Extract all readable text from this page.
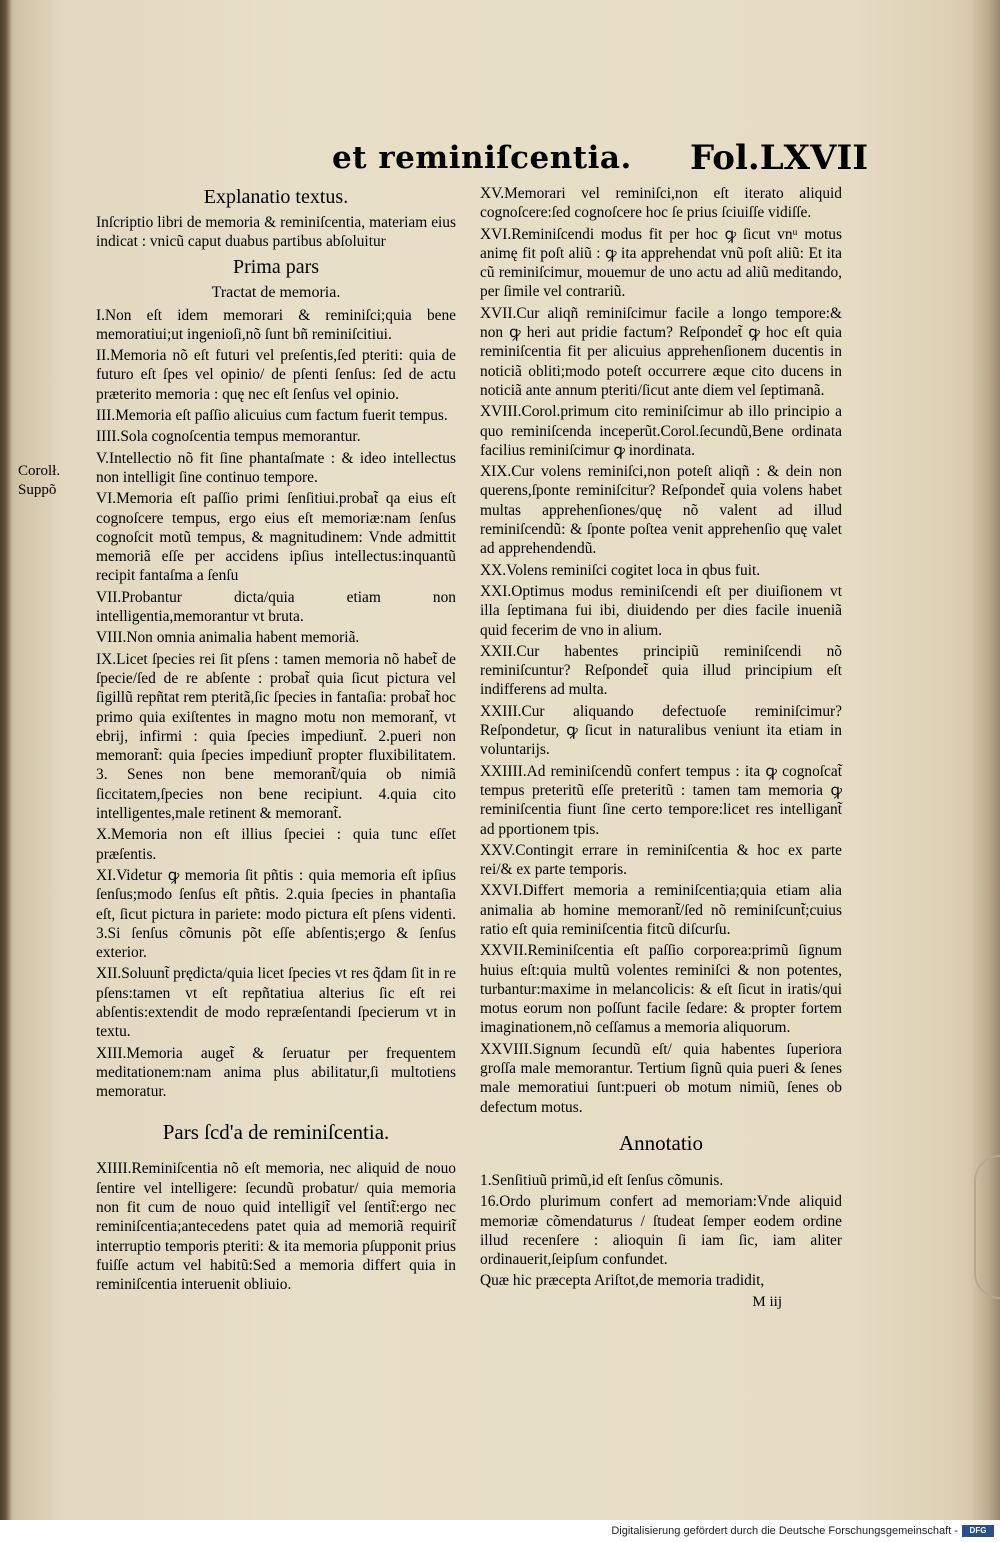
et reminiſcentia. Fol.LXVII
Corolł.
Suppõ
Explanatio textus.

Inſcriptio libri de memoria & reminiſcentia, materiam eius indicat : vnicũ caput duabus partibus abſoluitur

Prima pars
Tractat de memoria.

I.Non eſt idem memorari & reminiſci;quia bene memoratiui;ut ingenioſi,nõ ſunt bñ reminiſcitiui.

II.Memoria nõ eſt futuri vel preſentis,ſed pteriti: quia de futuro eſt ſpes vel opinio/ de pſenti ſenſus: ſed de actu præterito memoria : quę nec eſt ſenſus vel opinio.

III.Memoria eſt paſſio alicuius cum factum fuerit tempus.

IIII.Sola cognoſcentia tempus memorantur.

V.Intellectio nõ fit ſine phantaſmate : & ideo intellectus non intelligit ſine continuo tempore.

VI.Memoria eſt paſſio primi ſenſitiui.probat̃ qa eius eſt cognoſcere tempus, ergo eius eſt memoriæ:nam ſenſus cognoſcit motũ tempus, & magnitudinem: Vnde admittit memoriã eſſe per accidens ipſius intellectus:inquantũ recipit fantaſma a ſenſu

VII.Probantur dicta/quia etiam non intelligentia,memorantur vt bruta.

VIII.Non omnia animalia habent memoriã.

IX.Licet ſpecies rei ſit pſens : tamen memoria nõ habet̃ de ſpecie/ſed de re abſente : probat̃ quia ſicut pictura vel ſigillũ repñtat rem pteritã,ſic ſpecies in fantaſia: probat̃ hoc primo quia exiſtentes in magno motu non memorant̃, vt ebrij, infirmi : quia ſpecies impediunt̃. 2.pueri non memorant̃: quia ſpecies impediunt̃ propter fluxibilitatem. 3. Senes non bene memorant̃/quia ob nimiã ſiccitatem,ſpecies non bene recipiunt. 4.quia cito intelligentes,male retinent & memorant̃.

X.Memoria non eſt illius ſpeciei : quia tunc eſſet præſentis.

XI.Videtur ꝙ memoria ſit pñtis : quia memoria eſt ipſius ſenſus;modo ſenſus eſt pñtis. 2.quia ſpecies in phantaſia eſt, ſicut pictura in pariete: modo pictura eſt pſens videnti. 3.Si ſenſus cõmunis põt eſſe abſentis;ergo & ſenſus exterior.

XII.Soluunt̃ prędicta/quia licet ſpecies vt res q̃dam ſit in re pſens:tamen vt eſt repñtatiua alterius ſic eſt rei abſentis:extendit de modo repræſentandi ſpecierum vt in textu.

XIII.Memoria auget̃ & ſeruatur per frequentem meditationem:nam anima plus abilitatur,ſi multotiens memoratur.

Pars ſcd'a de reminiſcentia.

XIIII.Reminiſcentia nõ eſt memoria, nec aliquid de nouo ſentire vel intelligere: ſecundũ probatur/ quia memoria non fit cum de nouo quid intelligit̃ vel ſentit̃:ergo nec reminiſcentia;antecedens patet quia ad memoriã requirit̃ interruptio temporis pteriti: & ita memoria pſupponit prius fuiſſe actum vel habitũ:Sed a memoria differt quia in reminiſcentia interuenit obliuio.

XV.Memorari vel reminiſci,non eſt iterato aliquid cognoſcere:ſed cognoſcere hoc ſe prius ſciuiſſe vidiſſe.

XVI.Reminiſcendi modus fit per hoc ꝙ ſicut vnᵘ motus animę fit poſt aliũ : ꝙ ita apprehendat vnũ poſt aliũ: Et ita cũ reminiſcimur, mouemur de uno actu ad aliũ meditando, per ſimile vel contrariũ.

XVII.Cur aliqñ reminiſcimur facile a longo tempore:& non ꝙ heri aut pridie factum? Reſpondet̃ ꝙ hoc eſt quia reminiſcentia fit per alicuius apprehenſionem ducentis in noticiã obliti;modo poteſt occurrere æque cito ducens in noticiã ante annum pteriti/ſicut ante diem vel ſeptimanã.

XVIII.Corol.primum cito reminiſcimur ab illo principio a quo reminiſcenda inceperũt.Corol.ſecundũ,Bene ordinata facilius reminiſcimur ꝙ inordinata.

XIX.Cur volens reminiſci,non poteſt aliqñ : & dein non querens,ſponte reminiſcitur? Reſpondet̃ quia volens habet multas apprehenſiones/quę nõ valent ad illud reminiſcendũ: & ſponte poſtea venit apprehenſio quę valet ad apprehendendũ.

XX.Volens reminiſci cogitet loca in qbus fuit.

XXI.Optimus modus reminiſcendi eſt per diuiſionem vt illa ſeptimana fui ibi, diuidendo per dies facile inueniã quid fecerim de vno in alium.

XXII.Cur habentes principiũ reminiſcendi nõ reminiſcuntur? Reſpondet̃ quia illud principium eſt indifferens ad multa.

XXIII.Cur aliquando defectuoſe reminiſcimur? Reſpondetur, ꝙ ſicut in naturalibus veniunt ita etiam in voluntarijs.

XXIIII.Ad reminiſcendũ confert tempus : ita ꝙ cognoſcat̃ tempus preteritũ eſſe preteritũ : tamen tam memoria ꝙ reminiſcentia fiunt ſine certo tempore:licet res intelligant̃ ad pportionem tpis.

XXV.Contingit errare in reminiſcentia & hoc ex parte rei/& ex parte temporis.

XXVI.Differt memoria a reminiſcentia;quia etiam alia animalia ab homine memorant̃/ſed nõ reminiſcunt̃;cuius ratio eſt quia reminiſcentia fitcũ diſcurſu.

XXVII.Reminiſcentia eſt paſſio corporea:primũ ſignum huius eſt:quia multũ volentes reminiſci & non potentes, turbantur:maxime in melancolicis: & eſt ſicut in iratis/qui motus eorum non poſſunt facile ſedare: & propter fortem imaginationem,nõ ceſſamus a memoria aliquorum.

XXVIII.Signum ſecundũ eſt/ quia habentes ſuperiora groſſa male memorantur. Tertium ſignũ quia pueri & ſenes male memoratiui ſunt:pueri ob motum nimiũ, ſenes ob defectum motus.

Annotatio

1.Senſitiuũ primũ,id eſt ſenſus cõmunis.

16.Ordo plurimum confert ad memoriam:Vnde aliquid memoriæ cõmendaturus / ſtudeat ſemper eodem ordine illud recenſere : alioquin ſi iam ſic, iam aliter ordinauerit,ſeipſum confundet.

Quæ hic præcepta Ariſtot,de memoria tradidit,

M iij
Digitalisierung gefördert durch die Deutsche Forschungsgemeinschaft -	DFG
